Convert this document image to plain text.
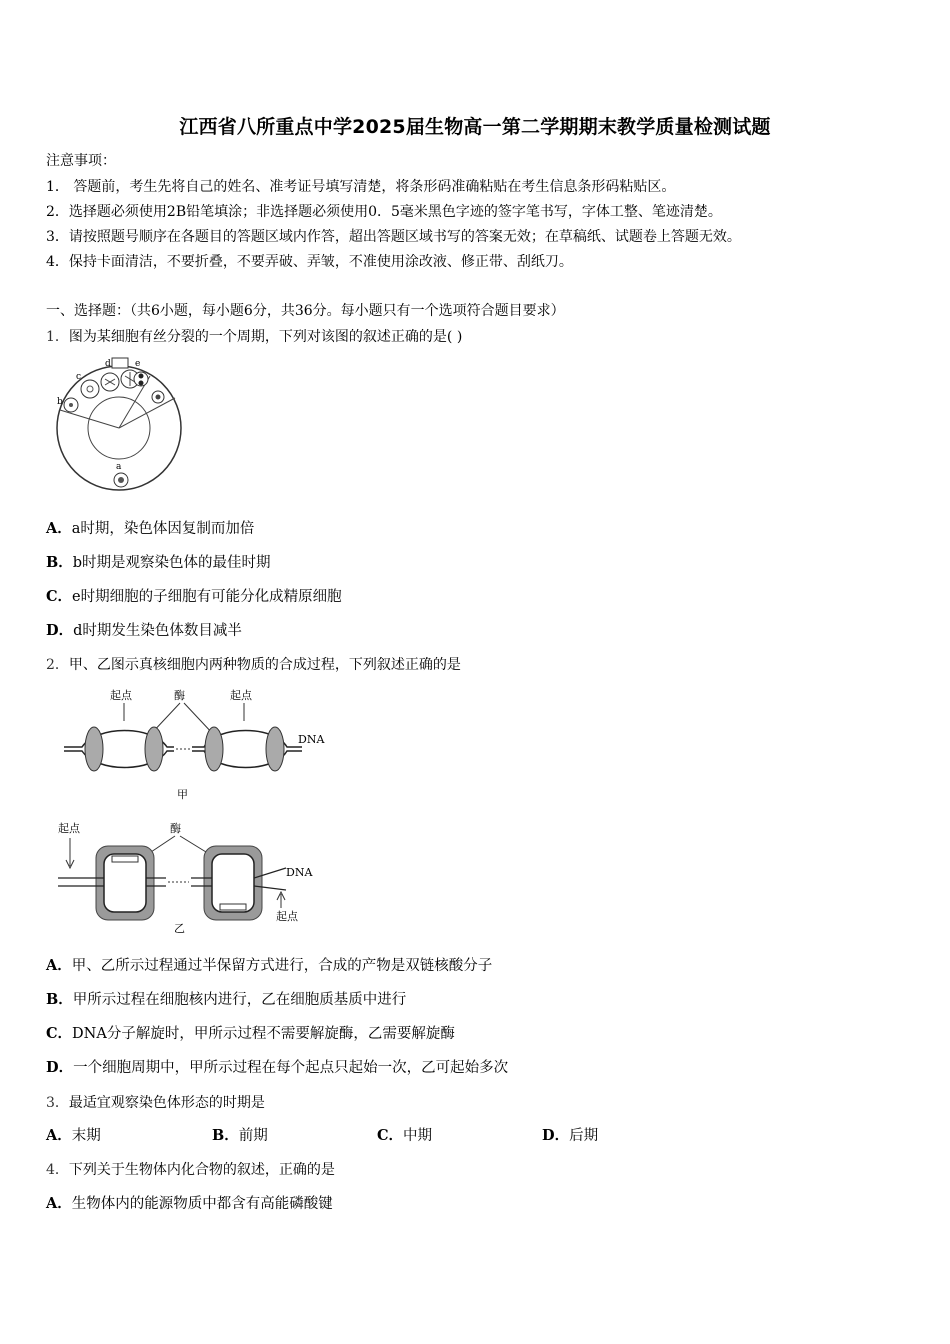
江西省八所重点中学2025届生物高一第二学期期末教学质量检测试题
注意事项：
1． 答题前，考生先将自己的姓名、准考证号填写清楚，将条形码准确粘贴在考生信息条形码粘贴区。
2．选择题必须使用2B铅笔填涂；非选择题必须使用0．5毫米黑色字迹的签字笔书写，字体工整、笔迹清楚。
3．请按照题号顺序在各题目的答题区域内作答，超出答题区域书写的答案无效；在草稿纸、试题卷上答题无效。
4．保持卡面清洁，不要折叠，不要弄破、弄皱，不准使用涂改液、修正带、刮纸刀。
一、选择题：（共6小题，每小题6分，共36分。每小题只有一个选项符合题目要求）
1．图为某细胞有丝分裂的一个周期，下列对该图的叙述正确的是( )
a
b
c
d	e
A．a时期，染色体因复制而加倍
B．b时期是观察染色体的最佳时期
C．e时期细胞的子细胞有可能分化成精原细胞
D．d时期发生染色体数目减半
2．甲、乙图示真核细胞内两种物质的合成过程，下列叙述正确的是
起点	酶	起点
DNA
甲
起点	酶
DNA
起点
乙
A．甲、乙所示过程通过半保留方式进行，合成的产物是双链核酸分子
B．甲所示过程在细胞核内进行，乙在细胞质基质中进行
C．DNA分子解旋时，甲所示过程不需要解旋酶，乙需要解旋酶
D．一个细胞周期中，甲所示过程在每个起点只起始一次，乙可起始多次
3．最适宜观察染色体形态的时期是
A．末期	B．前期	C．中期	D．后期
4．下列关于生物体内化合物的叙述，正确的是
A．生物体内的能源物质中都含有高能磷酸键
